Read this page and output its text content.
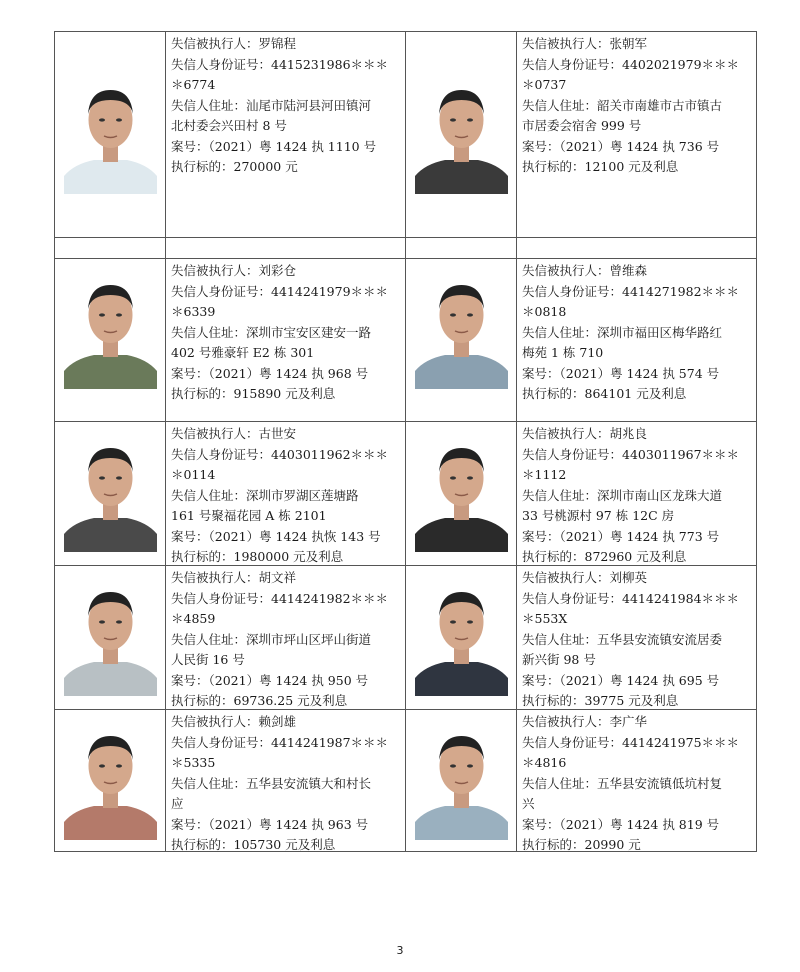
失信被执行人：罗锦程
失信人身份证号：4415231986＊＊＊
＊6774
失信人住址：汕尾市陆河县河田镇河
北村委会兴田村 8 号
案号：（2021）粤 1424 执 1110 号
执行标的：270000 元
失信被执行人：张朝军
失信人身份证号：4402021979＊＊＊
＊0737
失信人住址：韶关市南雄市古市镇古
市居委会宿舍 999 号
案号：（2021）粤 1424 执 736 号
执行标的：12100 元及利息
失信被执行人：刘彩仓
失信人身份证号：4414241979＊＊＊
＊6339
失信人住址：深圳市宝安区建安一路
402 号雅豪轩 E2 栋 301
案号：（2021）粤 1424 执 968 号
执行标的：915890 元及利息
失信被执行人：曾维森
失信人身份证号：4414271982＊＊＊
＊0818
失信人住址：深圳市福田区梅华路红
梅苑 1 栋 710
案号：（2021）粤 1424 执 574 号
执行标的：864101 元及利息
失信被执行人：古世安
失信人身份证号：4403011962＊＊＊
＊0114
失信人住址：深圳市罗湖区莲塘路
161 号聚福花园 A 栋 2101
案号：（2021）粤 1424 执恢 143 号
执行标的：1980000 元及利息
失信被执行人：胡兆良
失信人身份证号：4403011967＊＊＊
＊1112
失信人住址：深圳市南山区龙珠大道
33 号桃源村 97 栋 12C 房
案号：（2021）粤 1424 执 773 号
执行标的：872960 元及利息
失信被执行人：胡文祥
失信人身份证号：4414241982＊＊＊
＊4859
失信人住址：深圳市坪山区坪山街道
人民街 16 号
案号：（2021）粤 1424 执 950 号
执行标的：69736.25 元及利息
失信被执行人：刘柳英
失信人身份证号：4414241984＊＊＊
＊553X
失信人住址：五华县安流镇安流居委
新兴街 98 号
案号：（2021）粤 1424 执 695 号
执行标的：39775 元及利息
失信被执行人：赖剑雄
失信人身份证号：4414241987＊＊＊
＊5335
失信人住址：五华县安流镇大和村长
应
案号：（2021）粤 1424 执 963 号
执行标的：105730 元及利息
失信被执行人：李广华
失信人身份证号：4414241975＊＊＊
＊4816
失信人住址：五华县安流镇低坑村复
兴
案号：（2021）粤 1424 执 819 号
执行标的：20990 元
3
